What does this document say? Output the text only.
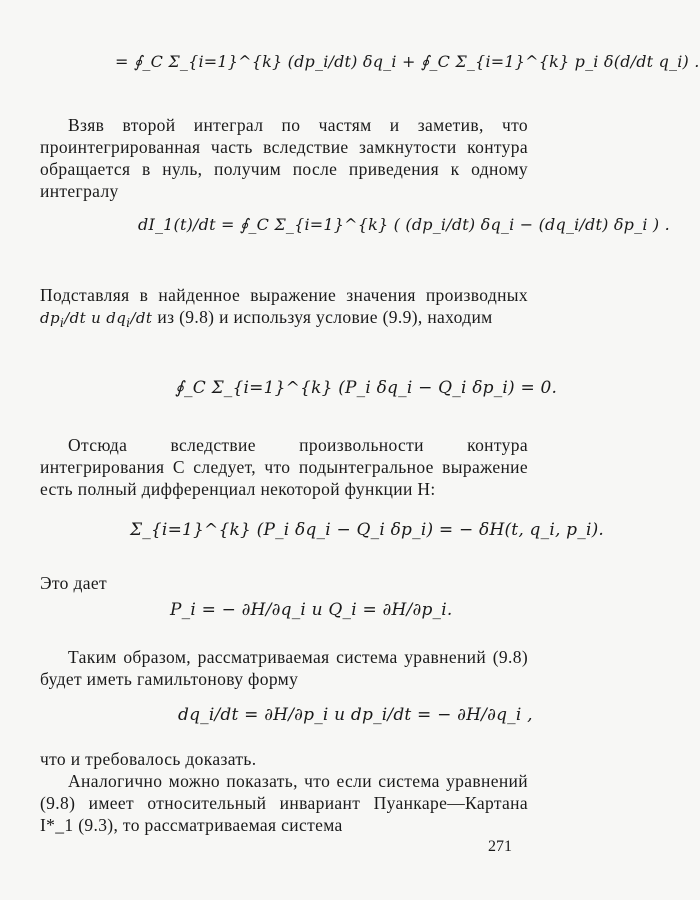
= ∮_C Σ_{i=1}^{k} (dp_i/dt) δq_i + ∮_C Σ_{i=1}^{k} p_i δ(d/dt q_i) .
Взяв второй интеграл по частям и заметив, что проинтегрированная часть вследствие замкнутости контура обращается в нуль, получим после приведения к одному интегралу
dI_1(t)/dt = ∮_C Σ_{i=1}^{k} ( (dp_i/dt) δq_i − (dq_i/dt) δp_i ) .
Подставляя в найденное выражение значения производных $dp_i/dt$ и $dq_i/dt$ из (9.8) и используя условие (9.9), находим
∮_C Σ_{i=1}^{k} (P_i δq_i − Q_i δp_i) = 0.
Отсюда вследствие произвольности контура интегрирования C следует, что подынтегральное выражение есть полный дифференциал некоторой функции H:
Σ_{i=1}^{k} (P_i δq_i − Q_i δp_i) = − δH(t, q_i, p_i).
Это дает
P_i = − ∂H/∂q_i и Q_i = ∂H/∂p_i.
Таким образом, рассматриваемая система уравнений (9.8) будет иметь гамильтонову форму
dq_i/dt = ∂H/∂p_i и dp_i/dt = − ∂H/∂q_i ,
что и требовалось доказать.
Аналогично можно показать, что если система уравнений (9.8) имеет относительный инвариант Пуанкаре—Картана I*_1 (9.3), то рассматриваемая система
271
